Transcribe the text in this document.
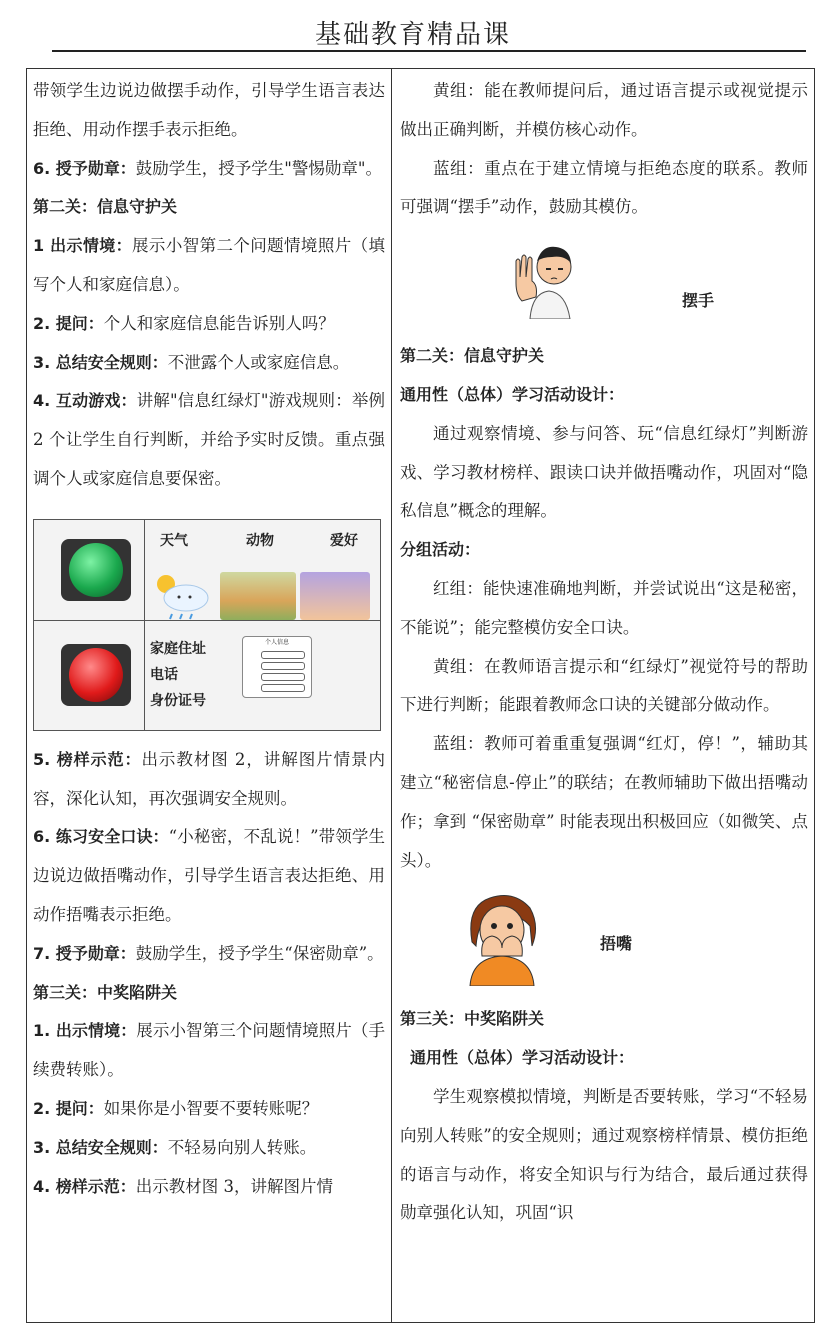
基础教育精品课

带领学生边说边做摆手动作，引导学生语言表达拒绝、用动作摆手表示拒绝。

6. 授予勋章：鼓励学生，授予学生"警惕勋章"。

第二关：信息守护关

1 出示情境：展示小智第二个问题情境照片（填写个人和家庭信息）。

2. 提问：个人和家庭信息能告诉别人吗？

3. 总结安全规则：不泄露个人或家庭信息。

4. 互动游戏：讲解"信息红绿灯"游戏规则：举例 2 个让学生自行判断，并给予实时反馈。重点强调个人或家庭信息要保密。

天气	动物	爱好
家庭住址
电话
身份证号
个人信息

5. 榜样示范：出示教材图 2，讲解图片情景内容，深化认知，再次强调安全规则。

6. 练习安全口诀：“小秘密，不乱说！”带领学生边说边做捂嘴动作，引导学生语言表达拒绝、用动作捂嘴表示拒绝。

7. 授予勋章：鼓励学生，授予学生“保密勋章”。

第三关：中奖陷阱关

1. 出示情境：展示小智第三个问题情境照片（手续费转账）。

2. 提问：如果你是小智要不要转账呢？

3. 总结安全规则：不轻易向别人转账。

4. 榜样示范：出示教材图 3，讲解图片情

黄组：能在教师提问后，通过语言提示或视觉提示做出正确判断，并模仿核心动作。

蓝组：重点在于建立情境与拒绝态度的联系。教师可强调“摆手”动作，鼓励其模仿。

摆手

第二关：信息守护关

通用性（总体）学习活动设计：

通过观察情境、参与问答、玩“信息红绿灯”判断游戏、学习教材榜样、跟读口诀并做捂嘴动作，巩固对“隐私信息”概念的理解。

分组活动：

红组：能快速准确地判断，并尝试说出“这是秘密，不能说”；能完整模仿安全口诀。

黄组：在教师语言提示和“红绿灯”视觉符号的帮助下进行判断；能跟着教师念口诀的关键部分做动作。

蓝组：教师可着重重复强调“红灯，停！”，辅助其建立“秘密信息-停止”的联结；在教师辅助下做出捂嘴动作；拿到 “保密勋章” 时能表现出积极回应（如微笑、点头）。

捂嘴

第三关：中奖陷阱关

通用性（总体）学习活动设计：

学生观察模拟情境，判断是否要转账，学习“不轻易向别人转账”的安全规则；通过观察榜样情景、模仿拒绝的语言与动作，将安全知识与行为结合，最后通过获得勋章强化认知，巩固“识
